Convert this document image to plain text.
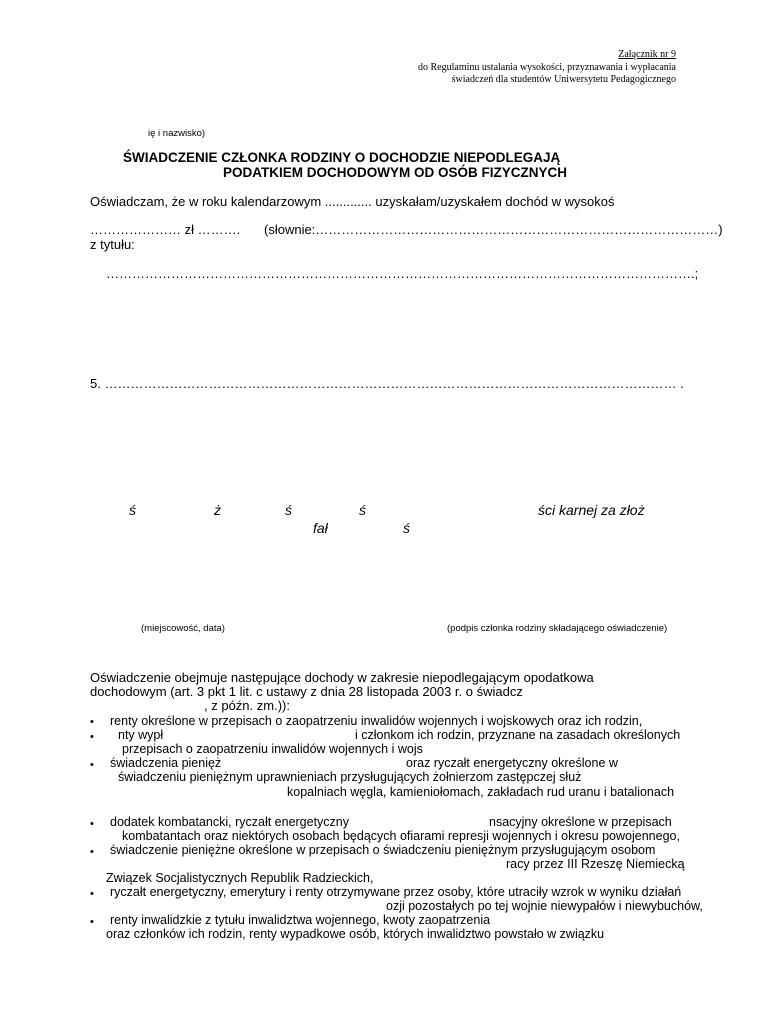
Załącznik nr 9
do Regulaminu ustalania wysokości, przyznawania i wypłacania
świadczeń dla studentów Uniwersytetu Pedagogicznego
ię i nazwisko)
ŚWIADCZENIE CZŁONKA RODZINY O DOCHODZIE NIEPODLEGAJĄ
PODATKIEM DOCHODOWYM OD OSÓB FIZYCZNYCH
Oświadczam, że w roku kalendarzowym ............. uzyskałam/uzyskałem dochód w wysokoś
………………… zł ………. (słownie:…………………………………………………………………………………)
z tytułu:
……………………………………………………………………………………………………………………….;
5. …………………………………………………………………………………………………………………… .
ś	ż	ś	ś	ści karnej za złoż
fał	ś
(miejscowość, data)	(podpis członka rodziny składającego oświadczenie)
Oświadczenie obejmuje następujące dochody w zakresie niepodlegającym opodatkowa
dochodowym (art. 3 pkt 1 lit. c ustawy z dnia 28 listopada 2003 r. o świadcz
, z późn. zm.)):
• renty określone w przepisach o zaopatrzeniu inwalidów wojennych i wojskowych oraz ich rodzin,
• nty wypł	i członkom ich rodzin, przyznane na zasadach określonych
przepisach o zaopatrzeniu inwalidów wojennych i wojs
• świadczenia pienięż	oraz ryczałt energetyczny określone w
świadczeniu pieniężnym uprawnieniach przysługujących żołnierzom zastępczej służ
kopalniach węgla, kamieniołomach, zakładach rud uranu i batalionach
• dodatek kombatancki, ryczałt energetyczny	nsacyjny określone w przepisach
kombatantach oraz niektórych osobach będących ofiarami represji wojennych i okresu powojennego,
• świadczenie pieniężne określone w przepisach o świadczeniu pieniężnym przysługującym osobom
racy przez III Rzeszę Niemiecką
Związek Socjalistycznych Republik Radzieckich,
• ryczałt energetyczny, emerytury i renty otrzymywane przez osoby, które utraciły wzrok w wyniku działań
ozji pozostałych po tej wojnie niewypałów i niewybuchów,
• renty inwalidzkie z tytułu inwalidztwa wojennego, kwoty zaopatrzenia
oraz członków ich rodzin, renty wypadkowe osób, których inwalidztwo powstało w związku
